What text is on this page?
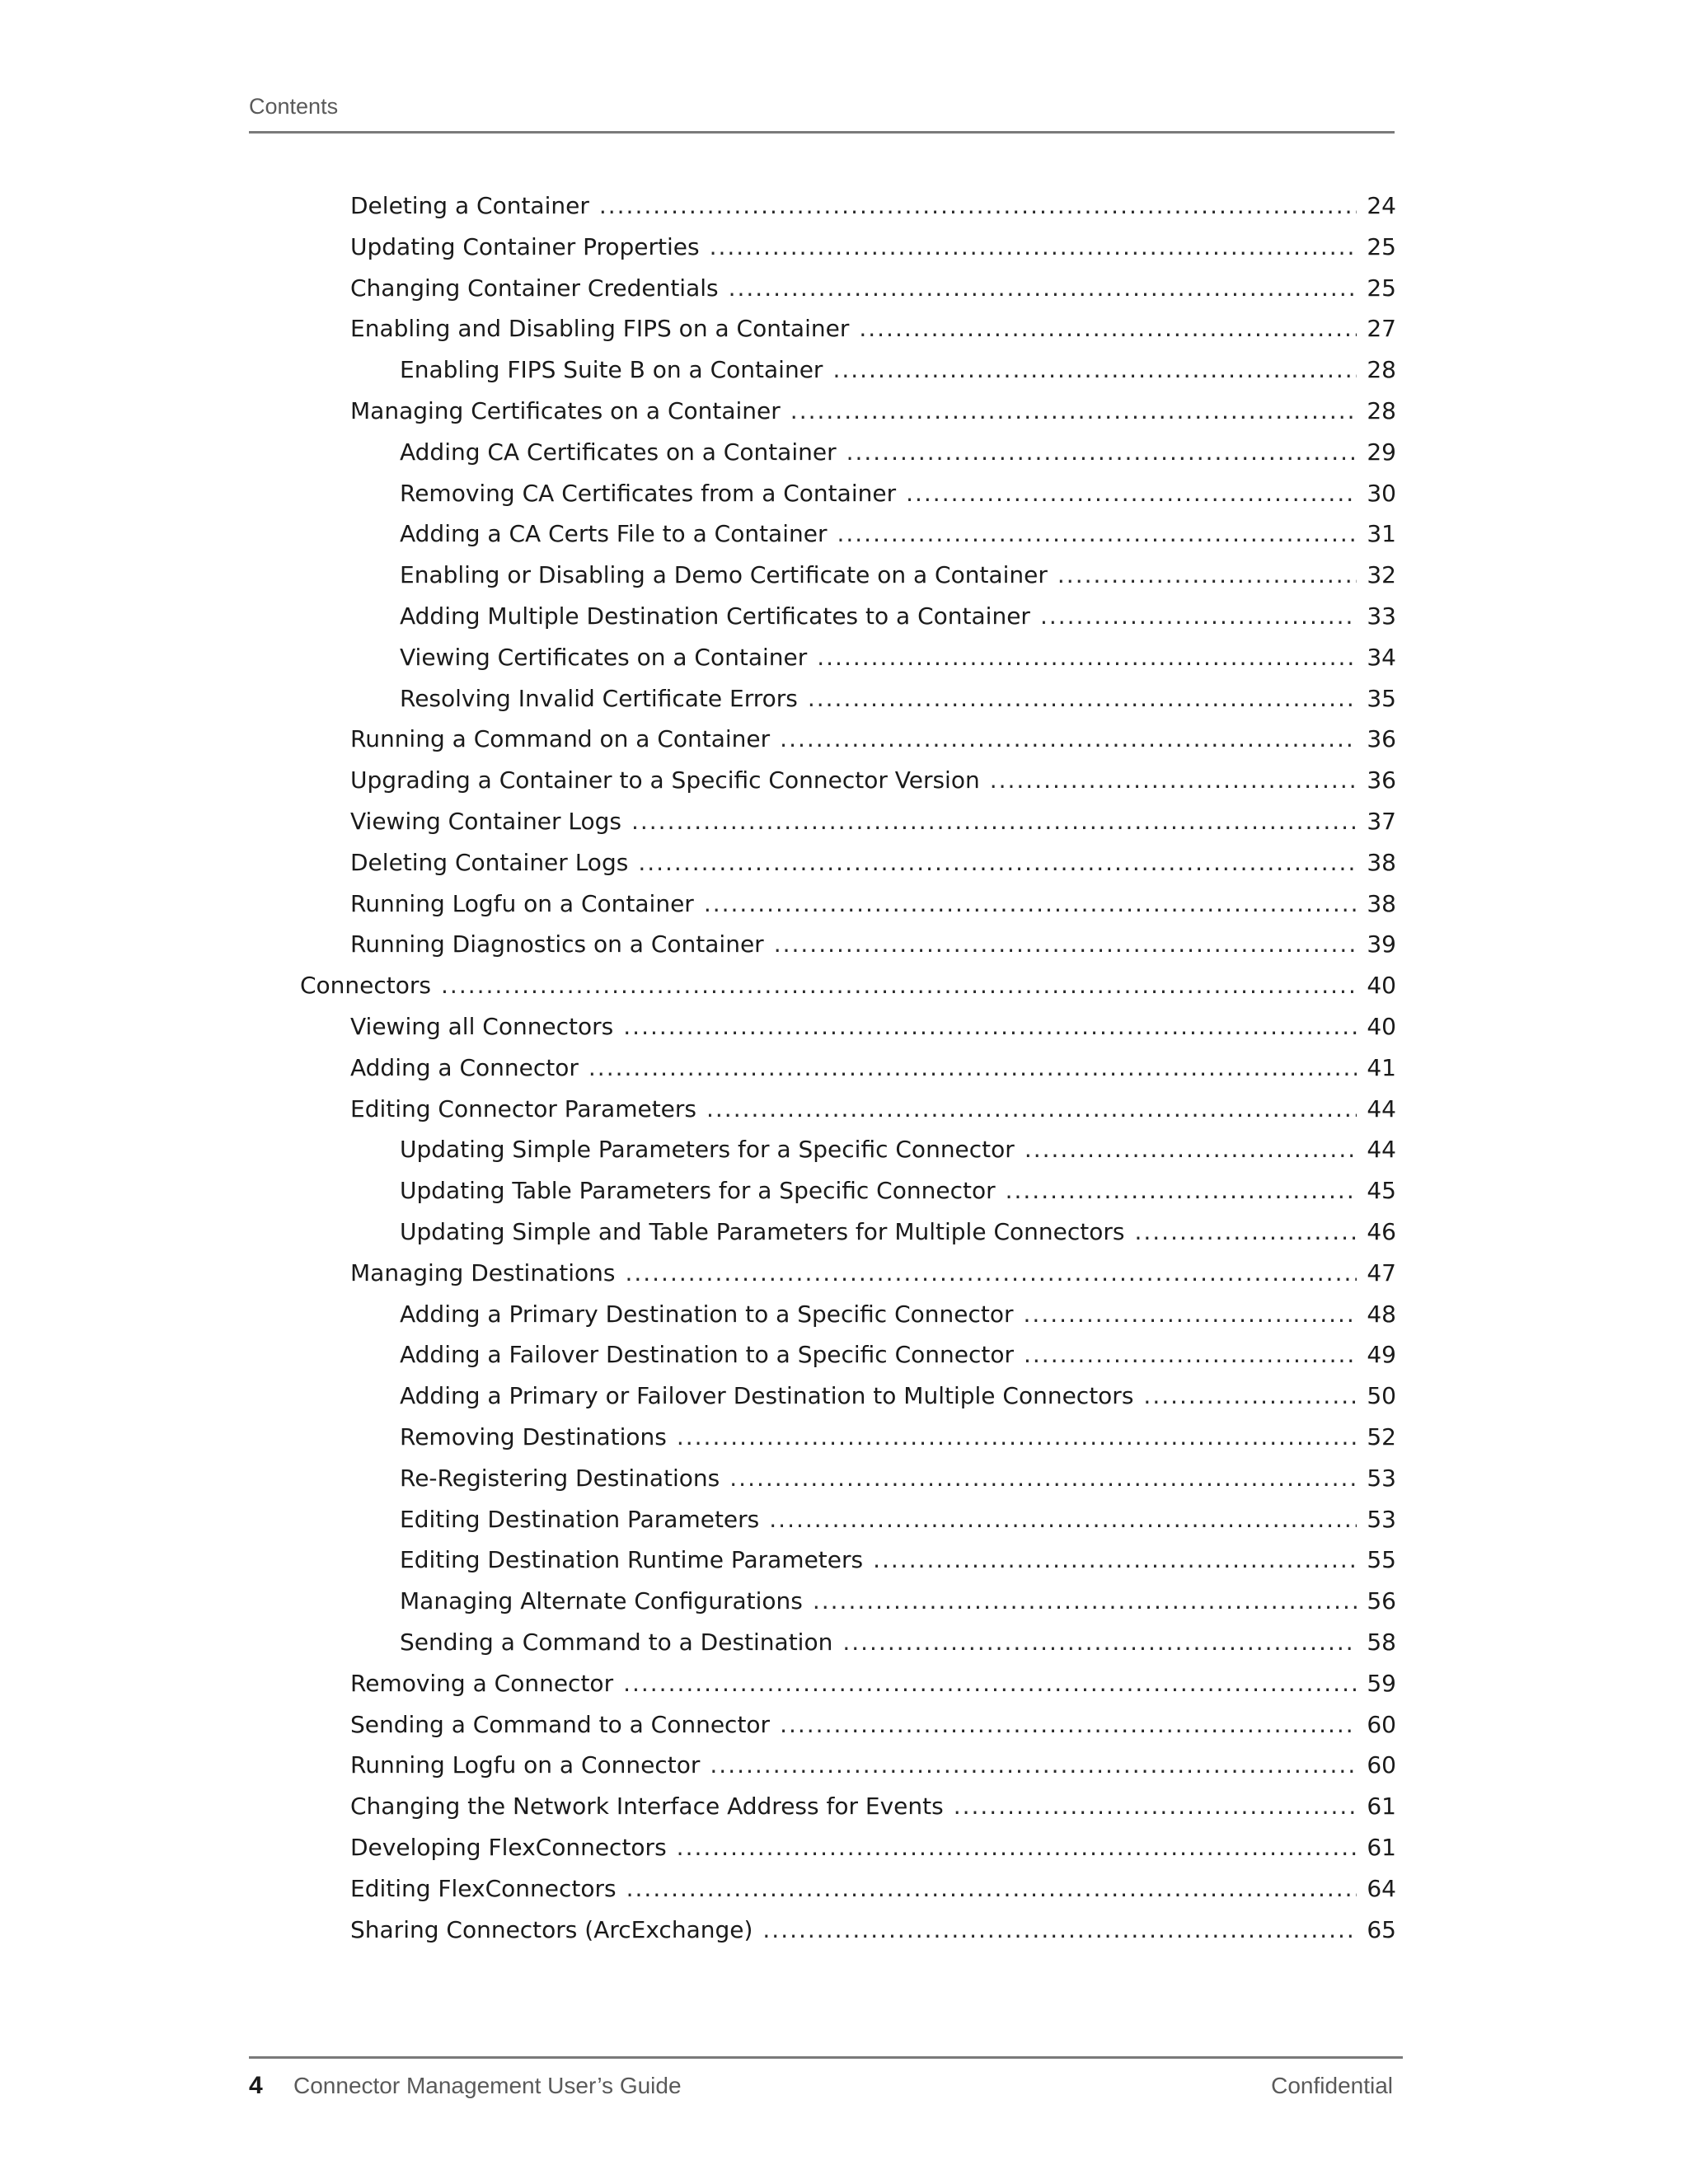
Contents
Deleting a Container .....	24
Updating Container Properties .....	25
Changing Container Credentials .....	25
Enabling and Disabling FIPS on a Container .....	27
Enabling FIPS Suite B on a Container .....	28
Managing Certificates on a Container .....	28
Adding CA Certificates on a Container .....	29
Removing CA Certificates from a Container .....	30
Adding a CA Certs File to a Container .....	31
Enabling or Disabling a Demo Certificate on a Container .....	32
Adding Multiple Destination Certificates to a Container .....	33
Viewing Certificates on a Container .....	34
Resolving Invalid Certificate Errors .....	35
Running a Command on a Container .....	36
Upgrading a Container to a Specific Connector Version .....	36
Viewing Container Logs .....	37
Deleting Container Logs .....	38
Running Logfu on a Container .....	38
Running Diagnostics on a Container .....	39
Connectors .....	40
Viewing all Connectors .....	40
Adding a Connector .....	41
Editing Connector Parameters .....	44
Updating Simple Parameters for a Specific Connector .....	44
Updating Table Parameters for a Specific Connector .....	45
Updating Simple and Table Parameters for Multiple Connectors .....	46
Managing Destinations .....	47
Adding a Primary Destination to a Specific Connector .....	48
Adding a Failover Destination to a Specific Connector .....	49
Adding a Primary or Failover Destination to Multiple Connectors .....	50
Removing Destinations .....	52
Re-Registering Destinations .....	53
Editing Destination Parameters .....	53
Editing Destination Runtime Parameters .....	55
Managing Alternate Configurations .....	56
Sending a Command to a Destination .....	58
Removing a Connector .....	59
Sending a Command to a Connector .....	60
Running Logfu on a Connector .....	60
Changing the Network Interface Address for Events .....	61
Developing FlexConnectors .....	61
Editing FlexConnectors .....	64
Sharing Connectors (ArcExchange) .....	65
4 Connector Management User’s Guide	Confidential
